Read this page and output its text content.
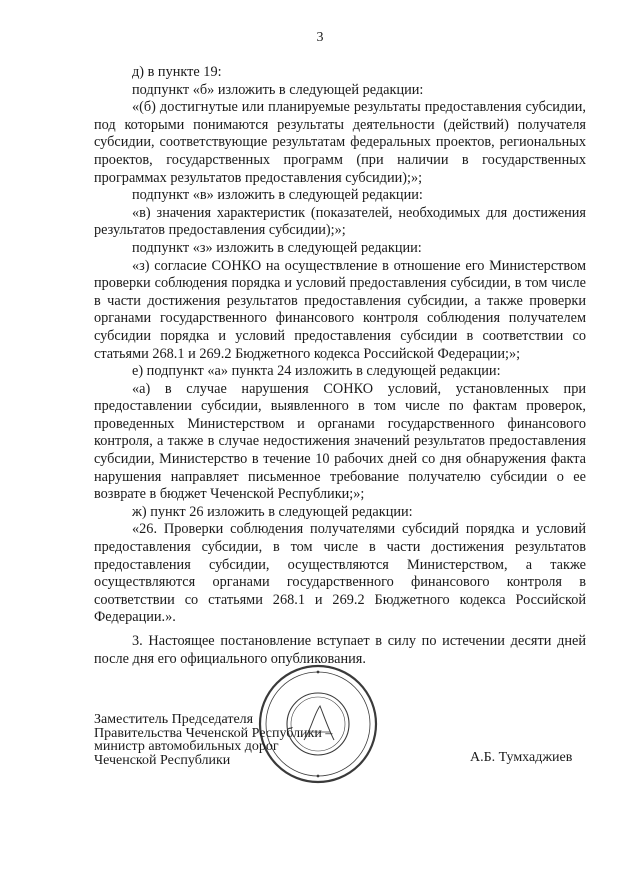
3

д) в пункте 19:

подпункт «б» изложить в следующей редакции:

«(б) достигнутые или планируемые результаты предоставления субсидии, под которыми понимаются результаты деятельности (действий) получателя субсидии, соответствующие результатам федеральных проектов, региональных проектов, государственных программ (при наличии в государственных программах результатов предоставления субсидии);»;

подпункт «в» изложить в следующей редакции:

«в) значения характеристик (показателей, необходимых для достижения результатов предоставления субсидии);»;

подпункт «з» изложить в следующей редакции:

«з) согласие СОНКО на осуществление в отношение его Министерством проверки соблюдения порядка и условий предоставления субсидии, в том числе в части достижения результатов предоставления субсидии, а также проверки органами государственного финансового контроля соблюдения получателем субсидии порядка и условий предоставления субсидии в соответствии со статьями 268.1 и 269.2 Бюджетного кодекса Российской Федерации;»;

е) подпункт «а» пункта 24 изложить в следующей редакции:

«а) в случае нарушения СОНКО условий, установленных при предоставлении субсидии, выявленного в том числе по фактам проверок, проведенных Министерством и органами государственного финансового контроля, а также в случае недостижения значений результатов предоставления субсидии, Министерство в течение 10 рабочих дней со дня обнаружения факта нарушения направляет письменное требование получателю субсидии о ее возврате в бюджет Чеченской Республики;»;

ж) пункт 26 изложить в следующей редакции:

«26. Проверки соблюдения получателями субсидий порядка и условий предоставления субсидии, в том числе в части достижения результатов предоставления субсидии, осуществляются Министерством, а также осуществляются органами государственного финансового контроля в соответствии со статьями 268.1 и 269.2 Бюджетного кодекса Российской Федерации.».

3. Настоящее постановление вступает в силу по истечении десяти дней после дня его официального опубликования.

Заместитель Председателя
Правительства Чеченской Республики –
министр автомобильных дорог
Чеченской Республики	А.Б. Тумхаджиев
